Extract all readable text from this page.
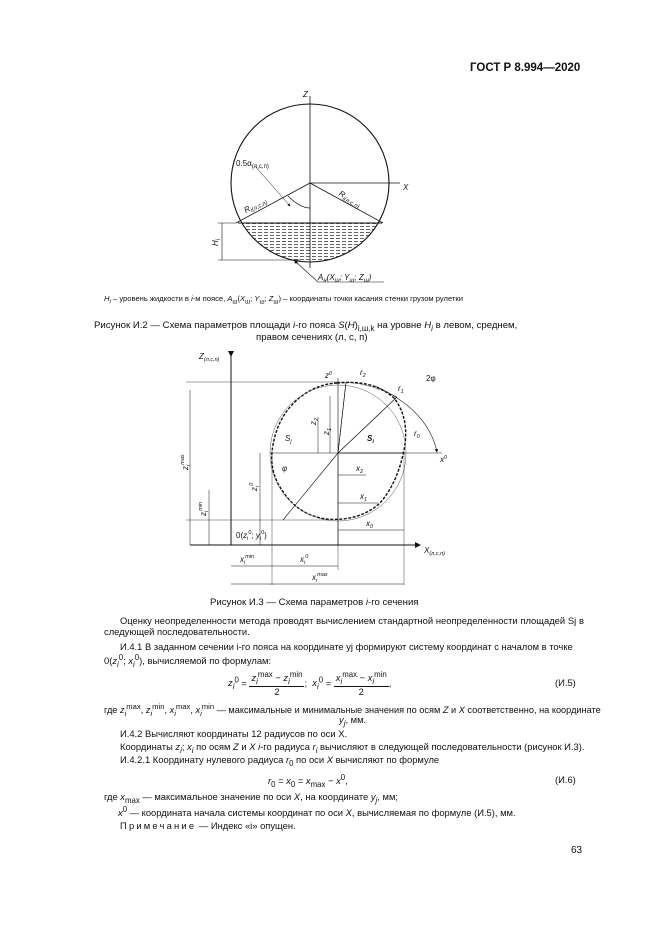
ГОСТ Р 8.994—2020
Z
X
$0.5\alpha_{(л,с,п)}$
$R_{i(л,с,п)}$
$R_{i(л,с,п)}$
$H_i$
$A_н(X_ш$; $Y_ш$; $Z_ш$)
$H_i$ – уровень жидкости в i-м поясе, $A_ш(X_ш$; $Y_ш$; $Z_ш$) – координаты точки касания стенки грузом рулетки
Рисунок И.2 — Схема параметров площади i-го пояса $S(H)_{i,ш,k}$ на уровне $H_i$ в левом, среднем,
правом сечениях (л, с, п)
$Z_{(л,с,п)}$
$X_{(л,с,п)}$
$z^0$	$r_2$
$r_1$
2φ
$r_0$
$x^0$
$z_2$
$z_1$
$S_j$	$S_i$
φ	$x_2$
$x_1$
$x_0$
$z_i^0$
$z_i^{max}$
$z_i^{min}$
$0(z_i^0$; $y_i^0$)
$x_i^{min}$	$x_i^0$
$x_i^{max}$
Рисунок И.3 — Схема параметров i-го сечения
Оценку неопределенности метода проводят вычислением стандартной неопределенности площадей Sj в следующей последовательности.
И.4.1 В заданном сечении i-го пояса на координате yj формируют систему координат с началом в точке
$0(z_i^0$; $x_i^0$), вычисляемой по формулам:
$z_i^0 = z_i^{max} - z_i^{min}$
2
;  $x_i^0 = x_i^{max} - x_i^{min}$
2
,	(И.5)
где $z_i^{max}$, $z_i^{min}$, $x_i^{max}$, $x_i^{min}$ — максимальные и минимальные значения по осям Z и X соответственно, на координате
$y_j$, мм.
И.4.2 Вычисляют координаты 12 радиусов по оси X.
Координаты $z_i$; $x_i$ по осям Z и X i-го радиуса $r_i$ вычисляют в следующей последовательности (рисунок И.3).
И.4.2.1 Координату нулевого радиуса $r_0$ по оси X вычисляют по формуле
$r_0 = x_0 = x_{max} - x^0$,	(И.6)
где $x_{max}$ — максимальное значение по оси X, на координате $y_j$, мм;
$x^0$ — координата начала системы координат по оси X, вычисляемая по формуле (И.5), мм.
Примечание — Индекс «i» опущен.
63
